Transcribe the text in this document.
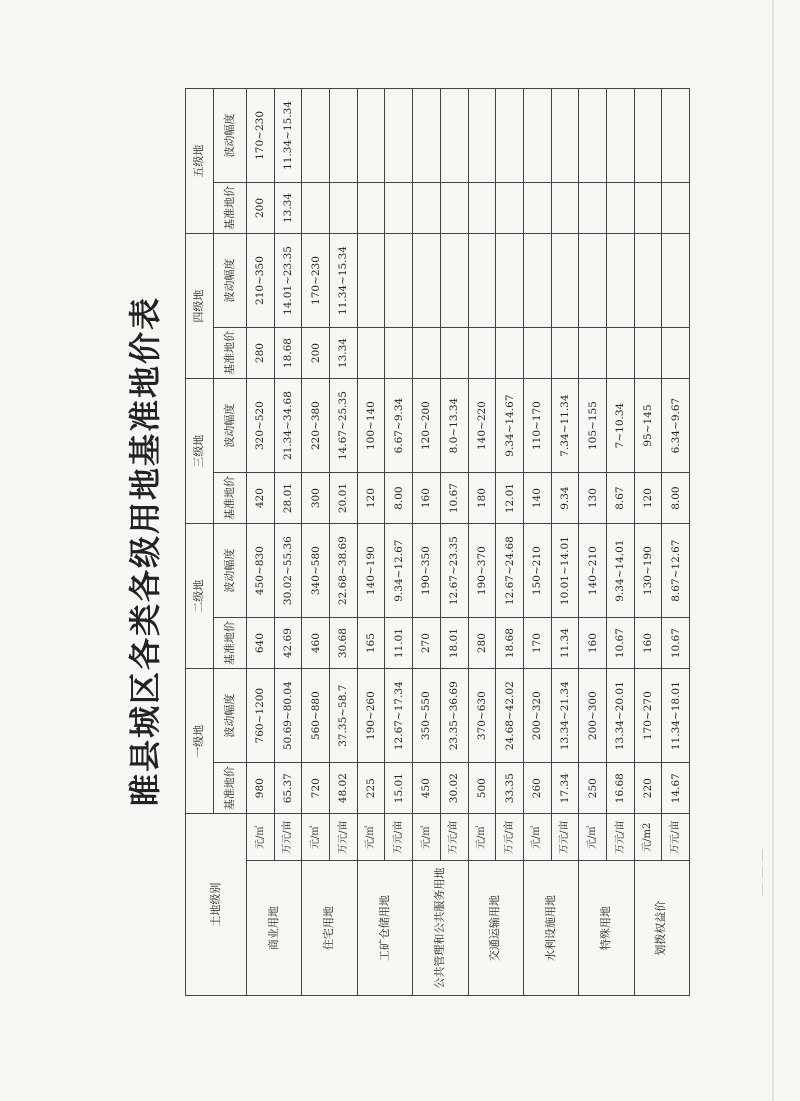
睢县城区各类各级用地基准地价表
— — —
土地级别		一级地		二级地		三级地		四级地		五级地	
		基准地价	波动幅度	基准地价	波动幅度	基准地价	波动幅度	基准地价	波动幅度	基准地价	波动幅度
商业用地	元/㎡	980	760~1200	640	450~830	420	320~520	280	210~350	200	170~230
	万元/亩	65.37	50.69~80.04	42.69	30.02~55.36	28.01	21.34~34.68	18.68	14.01~23.35	13.34	11.34~15.34
住宅用地	元/㎡	720	560~880	460	340~580	300	220~380	200	170~230		
	万元/亩	48.02	37.35~58.7	30.68	22.68~38.69	20.01	14.67~25.35	13.34	11.34~15.34		
工矿仓储用地	元/㎡	225	190~260	165	140~190	120	100~140				
	万元/亩	15.01	12.67~17.34	11.01	9.34~12.67	8.00	6.67~9.34				
公共管理和公共服务用地	元/㎡	450	350~550	270	190~350	160	120~200				
	万元/亩	30.02	23.35~36.69	18.01	12.67~23.35	10.67	8.0~13.34				
交通运输用地	元/㎡	500	370~630	280	190~370	180	140~220				
	万元/亩	33.35	24.68~42.02	18.68	12.67~24.68	12.01	9.34~14.67				
水利设施用地	元/㎡	260	200~320	170	150~210	140	110~170				
	万元/亩	17.34	13.34~21.34	11.34	10.01~14.01	9.34	7.34~11.34				
特殊用地	元/㎡	250	200~300	160	140~210	130	105~155				
	万元/亩	16.68	13.34~20.01	10.67	9.34~14.01	8.67	7~10.34				
划拨权益价	元/m2	220	170~270	160	130~190	120	95~145				
	万元/亩	14.67	11.34~18.01	10.67	8.67~12.67	8.00	6.34~9.67				
